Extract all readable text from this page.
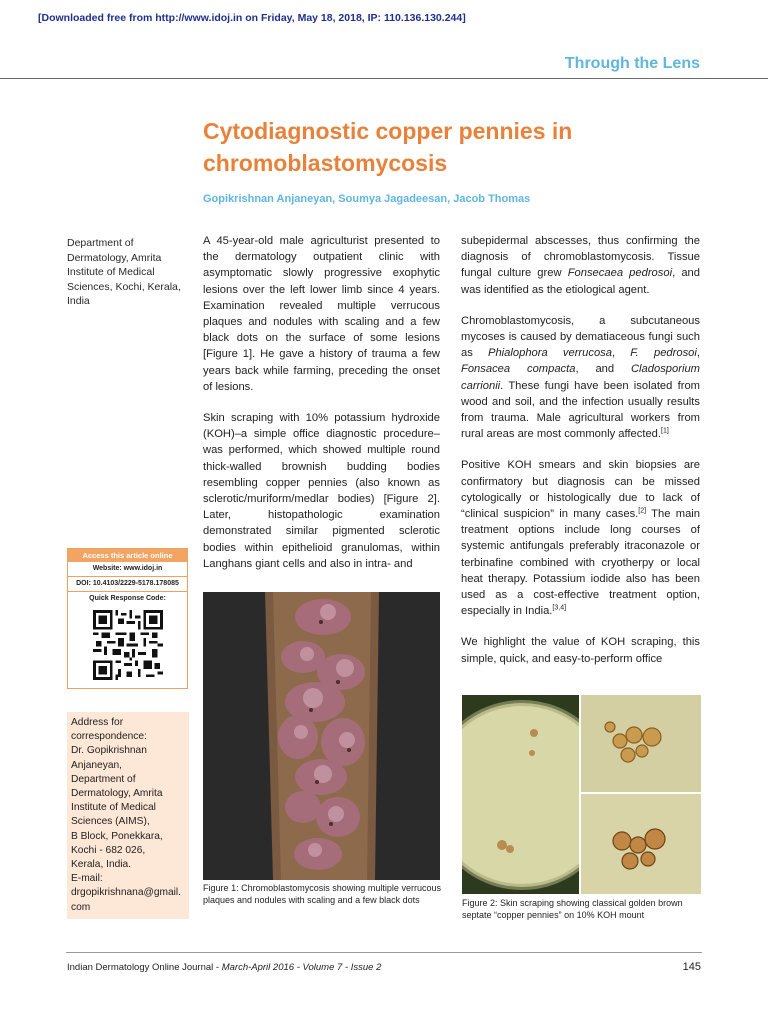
[Downloaded free from http://www.idoj.in on Friday, May 18, 2018, IP: 110.136.130.244]
Through the Lens
Cytodiagnostic copper pennies in chromoblastomycosis
Gopikrishnan Anjaneyan, Soumya Jagadeesan, Jacob Thomas
Department of Dermatology, Amrita Institute of Medical Sciences, Kochi, Kerala, India
Access this article online
Website: www.idoj.in
DOI: 10.4103/2229-5178.178085
Quick Response Code:
Address for
correspondence:
Dr. Gopikrishnan
Anjaneyan,
Department of
Dermatology, Amrita
Institute of Medical
Sciences (AIMS),
B Block, Ponekkara,
Kochi - 682 026,
Kerala, India.
E-mail:
drgopikrishnana@gmail.
com

A 45-year-old male agriculturist presented to the dermatology outpatient clinic with asymptomatic slowly progressive exophytic lesions over the left lower limb since 4 years. Examination revealed multiple verrucous plaques and nodules with scaling and a few black dots on the surface of some lesions [Figure 1]. He gave a history of trauma a few years back while farming, preceding the onset of lesions.

Skin scraping with 10% potassium hydroxide (KOH)–a simple office diagnostic procedure–was performed, which showed multiple round thick-walled brownish budding bodies resembling copper pennies (also known as sclerotic/muriform/medlar bodies) [Figure 2]. Later, histopathologic examination demonstrated similar pigmented sclerotic bodies within epithelioid granulomas, within Langhans giant cells and also in intra- and

subepidermal abscesses, thus confirming the diagnosis of chromoblastomycosis. Tissue fungal culture grew Fonsecaea pedrosoi, and was identified as the etiological agent.

Chromoblastomycosis, a subcutaneous mycoses is caused by dematiaceous fungi such as Phialophora verrucosa, F. pedrosoi, Fonsacea compacta, and Cladosporium carrionii. These fungi have been isolated from wood and soil, and the infection usually results from trauma. Male agricultural workers from rural areas are most commonly affected.[1]

Positive KOH smears and skin biopsies are confirmatory but diagnosis can be missed cytologically or histologically due to lack of “clinical suspicion” in many cases.[2] The main treatment options include long courses of systemic antifungals preferably itraconazole or terbinafine combined with cryotherpy or local heat therapy. Potassium iodide also has been used as a cost-effective treatment option, especially in India.[3,4]

We highlight the value of KOH scraping, this simple, quick, and easy-to-perform office

Figure 1: Chromoblastomycosis showing multiple verrucous plaques and nodules with scaling and a few black dots	Figure 2: Skin scraping showing classical golden brown septate “copper pennies” on 10% KOH mount
Indian Dermatology Online Journal - March-April 2016 - Volume 7 - Issue 2	145
